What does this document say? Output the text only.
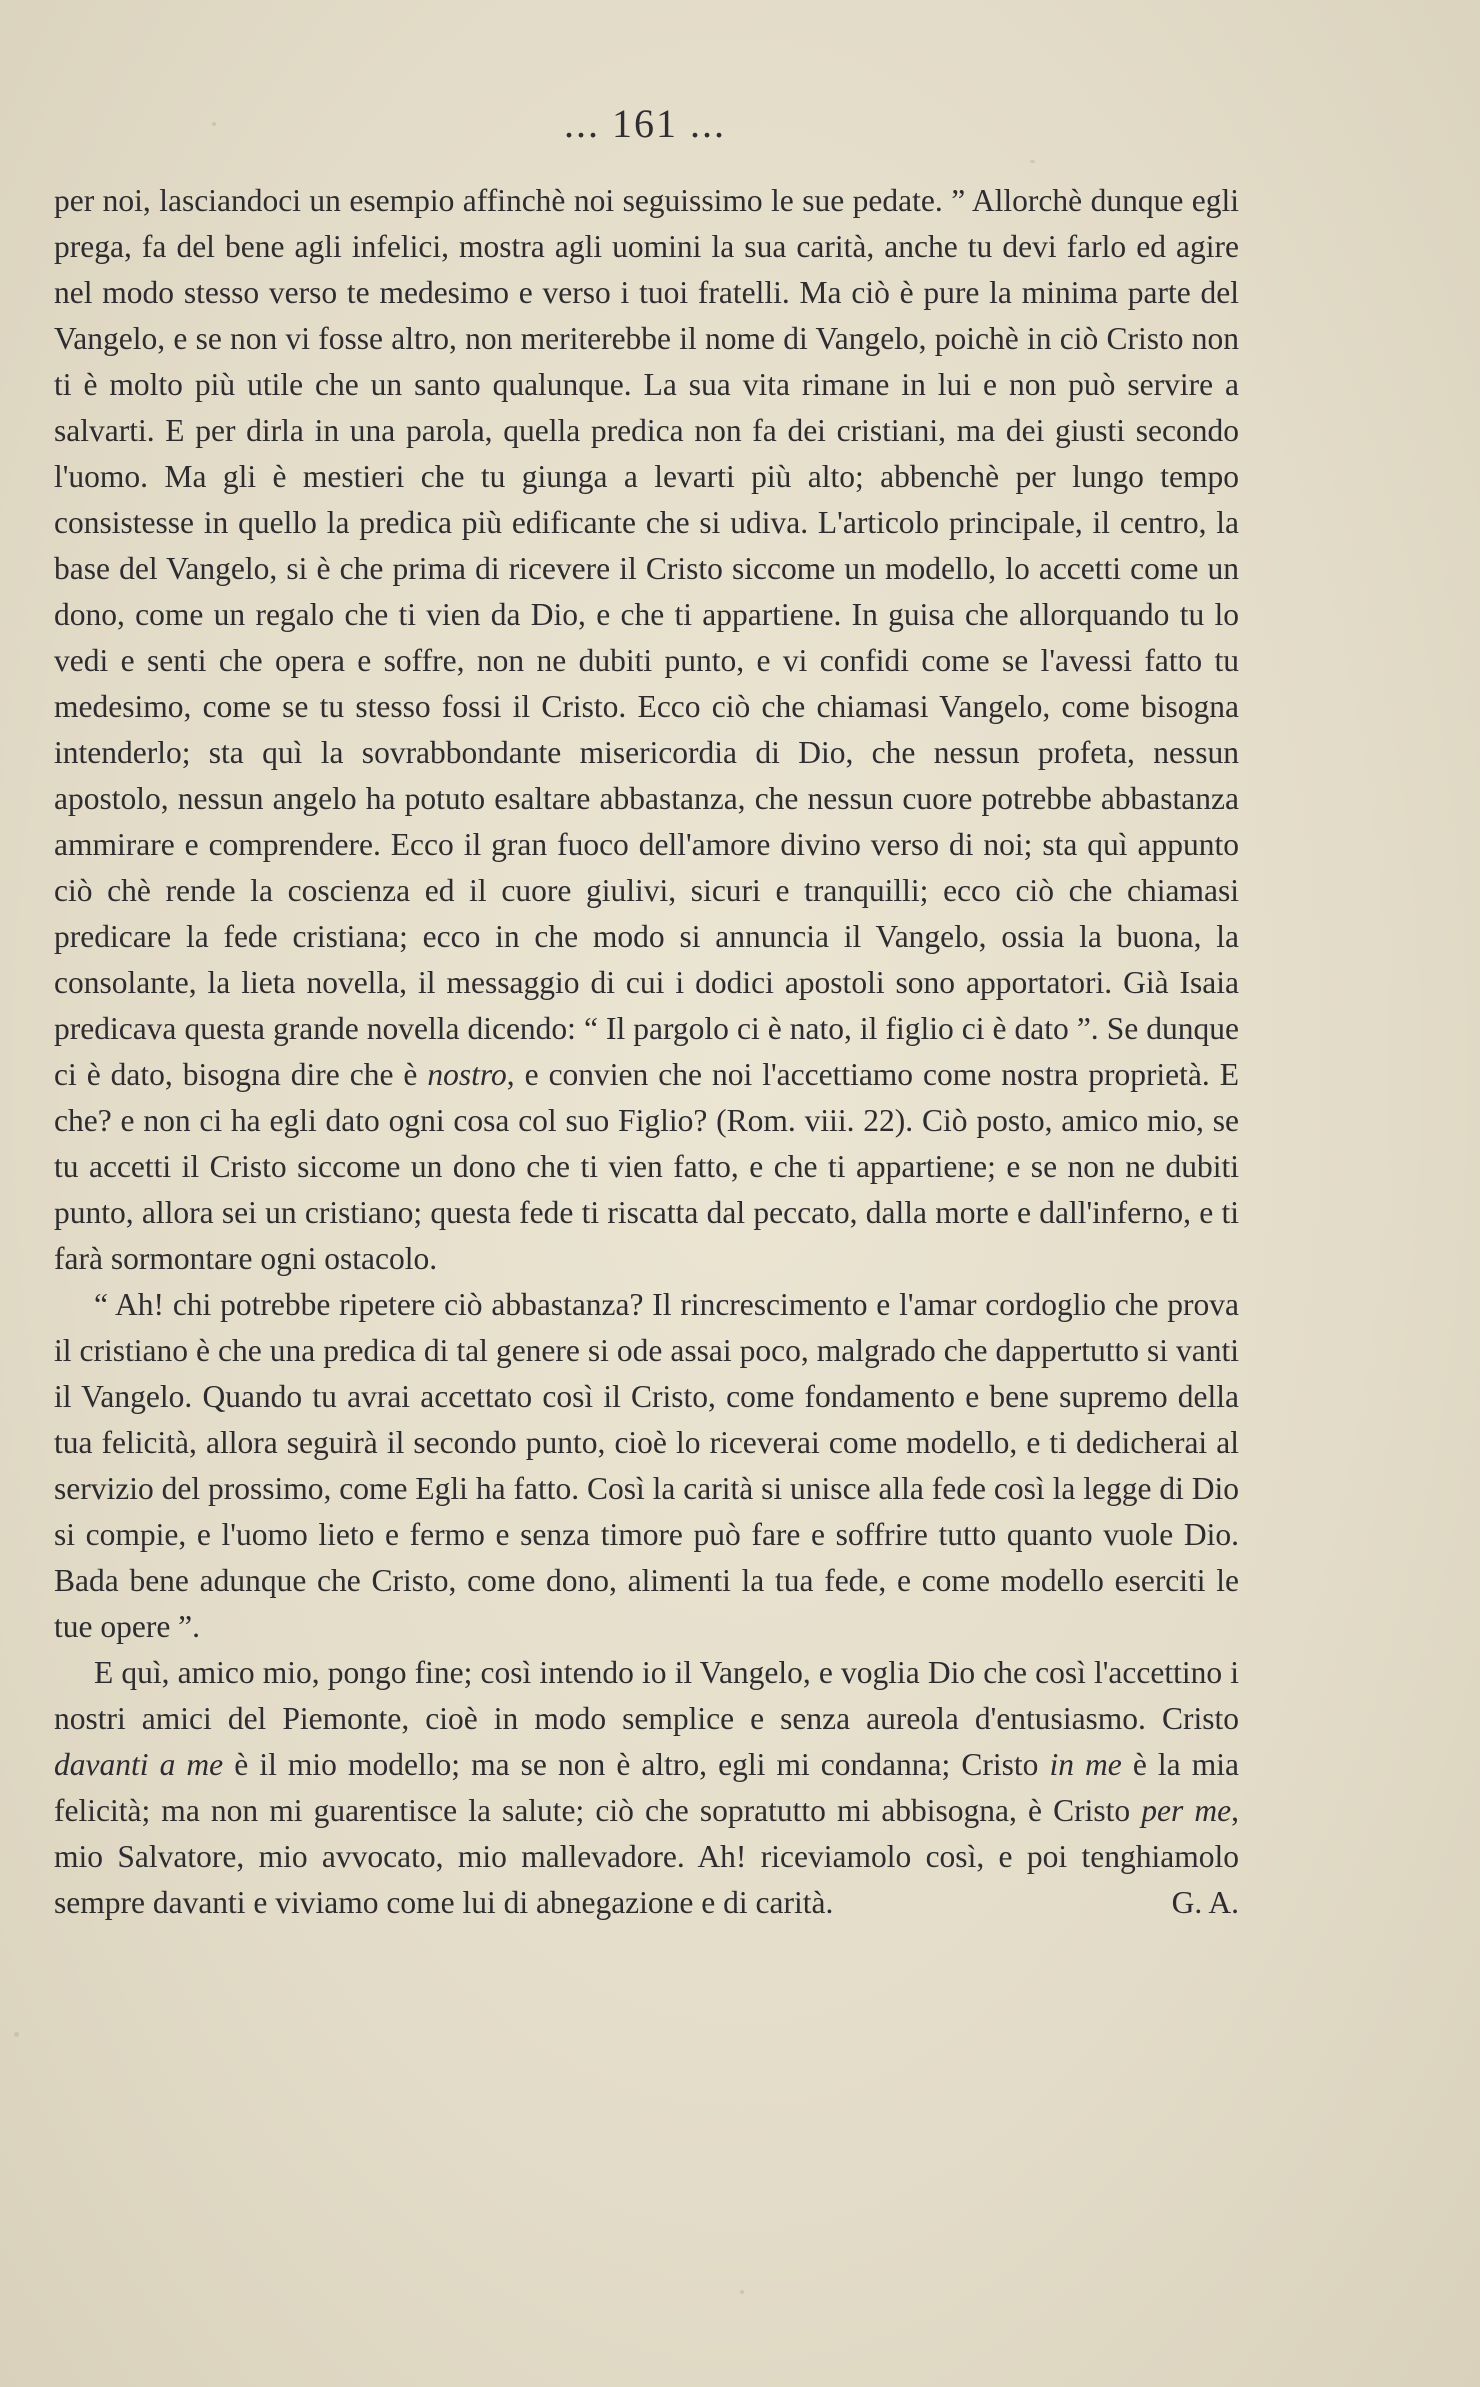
... 161 ...

per noi, lasciandoci un esempio affinchè noi seguissimo le sue pedate. ” Allorchè dunque egli prega, fa del bene agli infelici, mostra agli uomini la sua carità, anche tu devi farlo ed agire nel modo stesso verso te medesimo e verso i tuoi fratelli. Ma ciò è pure la minima parte del Vangelo, e se non vi fosse altro, non meriterebbe il nome di Vangelo, poichè in ciò Cristo non ti è molto più utile che un santo qualunque. La sua vita rimane in lui e non può servire a salvarti. E per dirla in una parola, quella predica non fa dei cristiani, ma dei giusti secondo l'uomo. Ma gli è mestieri che tu giunga a levarti più alto; abbenchè per lungo tempo consistesse in quello la predica più edificante che si udiva. L'articolo principale, il centro, la base del Vangelo, si è che prima di ricevere il Cristo siccome un modello, lo accetti come un dono, come un regalo che ti vien da Dio, e che ti appartiene. In guisa che allorquando tu lo vedi e senti che opera e soffre, non ne dubiti punto, e vi confidi come se l'avessi fatto tu medesimo, come se tu stesso fossi il Cristo. Ecco ciò che chiamasi Vangelo, come bisogna intenderlo; sta quì la sovrabbondante misericordia di Dio, che nessun profeta, nessun apostolo, nessun angelo ha potuto esaltare abbastanza, che nessun cuore potrebbe abbastanza ammirare e comprendere. Ecco il gran fuoco dell'amore divino verso di noi; sta quì appunto ciò chè rende la coscienza ed il cuore giulivi, sicuri e tranquilli; ecco ciò che chiamasi predicare la fede cristiana; ecco in che modo si annuncia il Vangelo, ossia la buona, la consolante, la lieta novella, il messaggio di cui i dodici apostoli sono apportatori. Già Isaia predicava questa grande novella dicendo: “ Il pargolo ci è nato, il figlio ci è dato ”. Se dunque ci è dato, bisogna dire che è nostro, e convien che noi l'accettiamo come nostra proprietà. E che? e non ci ha egli dato ogni cosa col suo Figlio? (Rom. viii. 22). Ciò posto, amico mio, se tu accetti il Cristo siccome un dono che ti vien fatto, e che ti appartiene; e se non ne dubiti punto, allora sei un cristiano; questa fede ti riscatta dal peccato, dalla morte e dall'inferno, e ti farà sormontare ogni ostacolo.

“ Ah! chi potrebbe ripetere ciò abbastanza? Il rincrescimento e l'amar cordoglio che prova il cristiano è che una predica di tal genere si ode assai poco, malgrado che dappertutto si vanti il Vangelo. Quando tu avrai accettato così il Cristo, come fondamento e bene supremo della tua felicità, allora seguirà il secondo punto, cioè lo riceverai come modello, e ti dedicherai al servizio del prossimo, come Egli ha fatto. Così la carità si unisce alla fede così la legge di Dio si compie, e l'uomo lieto e fermo e senza timore può fare e soffrire tutto quanto vuole Dio. Bada bene adunque che Cristo, come dono, alimenti la tua fede, e come modello eserciti le tue opere ”.

E quì, amico mio, pongo fine; così intendo io il Vangelo, e voglia Dio che così l'accettino i nostri amici del Piemonte, cioè in modo semplice e senza aureola d'entusiasmo. Cristo davanti a me è il mio modello; ma se non è altro, egli mi condanna; Cristo in me è la mia felicità; ma non mi guarentisce la salute; ciò che sopratutto mi abbisogna, è Cristo per me, mio Salvatore, mio avvocato, mio mallevadore. Ah! riceviamolo così, e poi tenghiamolo sempre davanti e viviamo come lui di abnegazione e di carità.	G. A.
